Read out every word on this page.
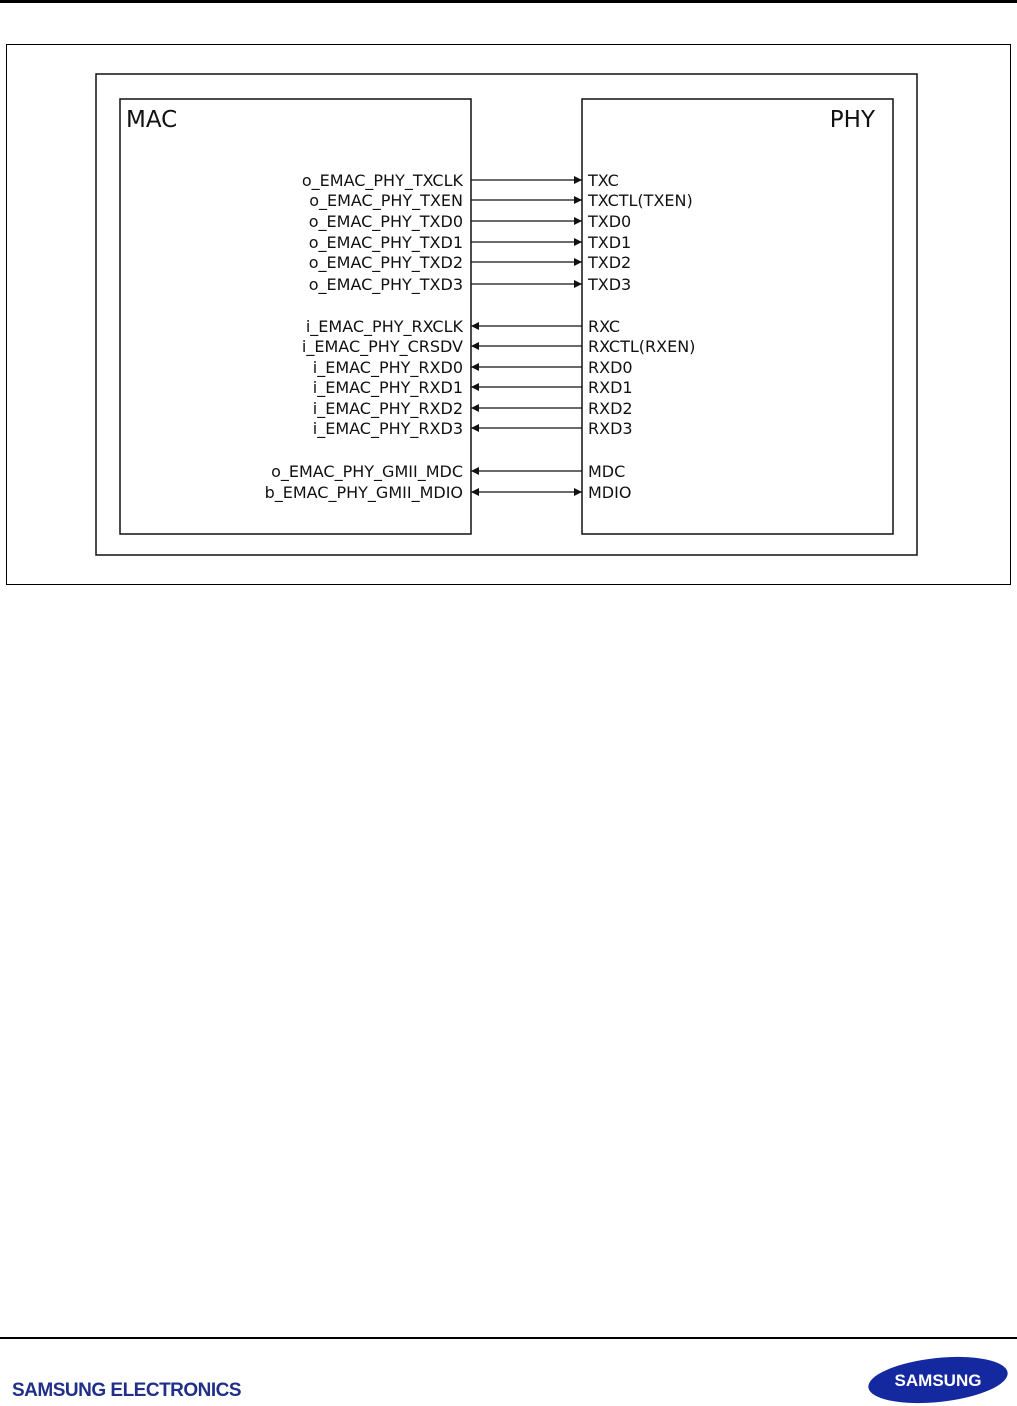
MAC	PHY
o_EMAC_PHY_TXCLK	TXC
o_EMAC_PHY_TXEN	TXCTL(TXEN)
o_EMAC_PHY_TXD0	TXD0
o_EMAC_PHY_TXD1	TXD1
o_EMAC_PHY_TXD2	TXD2
o_EMAC_PHY_TXD3	TXD3
i_EMAC_PHY_RXCLK	RXC
i_EMAC_PHY_CRSDV	RXCTL(RXEN)
i_EMAC_PHY_RXD0	RXD0
i_EMAC_PHY_RXD1	RXD1
i_EMAC_PHY_RXD2	RXD2
i_EMAC_PHY_RXD3	RXD3
o_EMAC_PHY_GMII_MDC	MDC
b_EMAC_PHY_GMII_MDIO	MDIO
SAMSUNG ELECTRONICS	SAMSUNG
